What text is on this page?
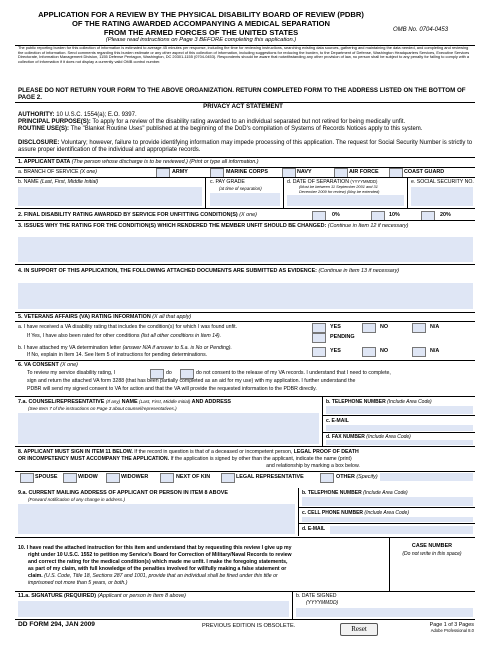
APPLICATION FOR A REVIEW BY THE PHYSICAL DISABILITY BOARD OF REVIEW (PDBR)
OF THE RATING AWARDED ACCOMPANYING A MEDICAL SEPARATION
FROM THE ARMED FORCES OF THE UNITED STATES
(Please read instructions on Page 3 BEFORE completing this application.)
OMB No. 0704-0453
The public reporting burden for this collection of information is estimated to average 45 minutes per response, including the time for reviewing instructions, searching existing data sources, gathering and maintaining the data needed, and completing and reviewing the collection of information. Send comments regarding this burden estimate or any other aspect of this collection of information, including suggestions for reducing the burden, to the Department of Defense, Washington Headquarters Services, Executive Services Directorate, Information Management Division, 1155 Defense Pentagon, Washington, DC 20301-1155 (0704-0453). Respondents should be aware that notwithstanding any other provision of law, no person shall be subject to any penalty for failing to comply with a collection of information if it does not display a currently valid OMB control number.
PLEASE DO NOT RETURN YOUR FORM TO THE ABOVE ORGANIZATION. RETURN COMPLETED FORM TO THE ADDRESS LISTED ON THE BOTTOM OF PAGE 2.
PRIVACY ACT STATEMENT
AUTHORITY: 10 U.S.C. 1554(a); E.O. 9397.
PRINCIPAL PURPOSE(S): To apply for a review of the disability rating awarded to an individual separated but not retired for being medically unfit.
ROUTINE USE(S): The "Blanket Routine Uses" published at the beginning of the DoD's compilation of Systems of Records Notices apply to this system.
DISCLOSURE: Voluntary; however, failure to provide identifying information may impede processing of this application. The request for Social Security Number is strictly to assure proper identification of the individual and appropriate records.
1. APPLICANT DATA (The person whose discharge is to be reviewed.) (Print or type all information.)
a. BRANCH OF SERVICE (X one)	ARMY	MARINE CORPS	NAVY	AIR FORCE	COAST GUARD
b. NAME (Last, First, Middle Initial)	c. PAY GRADE
(at time of separation)
d. DATE OF SEPARATION (YYYYMMDD)
(Must be between 11 September 2001 and 31
December 2009 for review) (May be extended)
e. SOCIAL SECURITY NO.
2. FINAL DISABILITY RATING AWARDED BY SERVICE FOR UNFITTING CONDITION(S) (X one)	0%	10%	20%
3. ISSUES WHY THE RATING FOR THE CONDITION(S) WHICH RENDERED THE MEMBER UNFIT SHOULD BE CHANGED: (Continue in Item 12 if necessary)
4. IN SUPPORT OF THIS APPLICATION, THE FOLLOWING ATTACHED DOCUMENTS ARE SUBMITTED AS EVIDENCE: (Continue in Item 13 if necessary)
5. VETERANS AFFAIRS (VA) RATING INFORMATION (X all that apply)
a. I have received a VA disability rating that includes the condition(s) for which I was found unfit.
If Yes, I have also been rated for other conditions (list all other conditions in Item 14).
YES	NO	N/A
PENDING
b. I have attached my VA determination letter (answer N/A if answer to 5.a. is No or Pending).
If No, explain in Item 14. See Item 5 of instructions for pending determinations.
YES	NO	N/A
6. VA CONSENT (X one)
To review my service disability rating, I	do	do not consent to the release of my VA records. I understand that I need to complete,
sign and return the attached VA form 3288 (that has been partially completed as an aid for my use) with my application. I further understand the
PDBR will send my signed consent to VA for action and that the VA will provide the requested information to the PDBR directly.
7.a. COUNSEL/REPRESENTATIVE (If any) NAME (Last, First, Middle Initial) AND ADDRESS
(See Item 7 of the instructions on Page 3 about counsel/representatives.)
b. TELEPHONE NUMBER (Include Area Code)
c. E-MAIL
d. FAX NUMBER (Include Area Code)
8. APPLICANT MUST SIGN IN ITEM 11 BELOW. If the record in question is that of a deceased or incompetent person, LEGAL PROOF OF DEATH
OR INCOMPETENCY MUST ACCOMPANY THE APPLICATION. If the application is signed by other than the applicant, indicate the name (print)
and relationship by marking a box below.
SPOUSE	WIDOW	WIDOWER	NEXT OF KIN	LEGAL REPRESENTATIVE	OTHER (Specify)
9.a. CURRENT MAILING ADDRESS OF APPLICANT OR PERSON IN ITEM 8 ABOVE
(Forward notification of any change in address.)
b. TELEPHONE NUMBER (Include Area Code)
c. CELL PHONE NUMBER (Include Area Code)
d. E-MAIL
10. I have read the attached instruction for this item and understand that by requesting this review I give up my
right under 10 U.S.C. 1552 to petition my Service's Board for Correction of Military/Naval Records to review
and correct the rating for the medical condition(s) which made me unfit. I make the foregoing statements,
as part of my claim, with full knowledge of the penalties involved for willfully making a false statement or
claim. (U.S. Code, Title 18, Sections 287 and 1001, provide that an individual shall be fined under this title or
imprisoned not more than 5 years, or both.)
CASE NUMBER
(Do not write in this space)
11.a. SIGNATURE (REQUIRED) (Applicant or person in Item 8 above)	b. DATE SIGNED
(YYYYMMDD)
DD FORM 294, JAN 2009	PREVIOUS EDITION IS OBSOLETE.	Reset	Page 1 of 3 Pages
Adobe Professional 8.0
